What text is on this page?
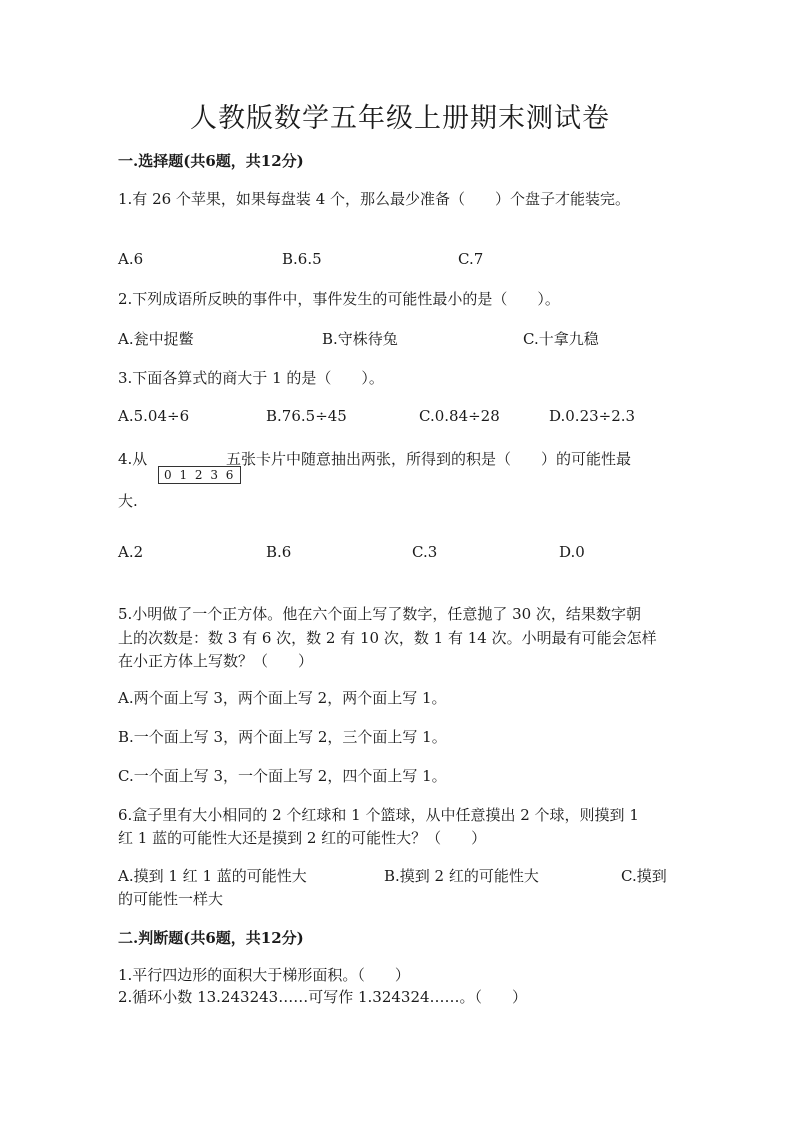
人教版数学五年级上册期末测试卷
一.选择题(共6题，共12分)
1.有 26 个苹果，如果每盘装 4 个，那么最少准备（　　）个盘子才能装完。
A.6	B.6.5	C.7
2.下列成语所反映的事件中，事件发生的可能性最小的是（　　）。
A.瓮中捉鳖	B.守株待兔	C.十拿九稳
3.下面各算式的商大于 1 的是（　　）。
A.5.04÷6	B.76.5÷45	C.0.84÷28	D.0.23÷2.3
4.从
0 1 2 3 6
五张卡片中随意抽出两张，所得到的积是（　　）的可能性最
大.
A.2	B.6	C.3	D.0
5.小明做了一个正方体。他在六个面上写了数字，任意抛了 30 次，结果数字朝
上的次数是：数 3 有 6 次，数 2 有 10 次，数 1 有 14 次。小明最有可能会怎样
在小正方体上写数？（　　）
A.两个面上写 3，两个面上写 2，两个面上写 1。
B.一个面上写 3，两个面上写 2，三个面上写 1。
C.一个面上写 3，一个面上写 2，四个面上写 1。
6.盒子里有大小相同的 2 个红球和 1 个篮球，从中任意摸出 2 个球，则摸到 1
红 1 蓝的可能性大还是摸到 2 红的可能性大？（　　）
A.摸到 1 红 1 蓝的可能性大	B.摸到 2 红的可能性大	C.摸到
的可能性一样大
二.判断题(共6题，共12分)
1.平行四边形的面积大于梯形面积。（　　）
2.循环小数 13.243243……可写作 1.324324……。（　　）
